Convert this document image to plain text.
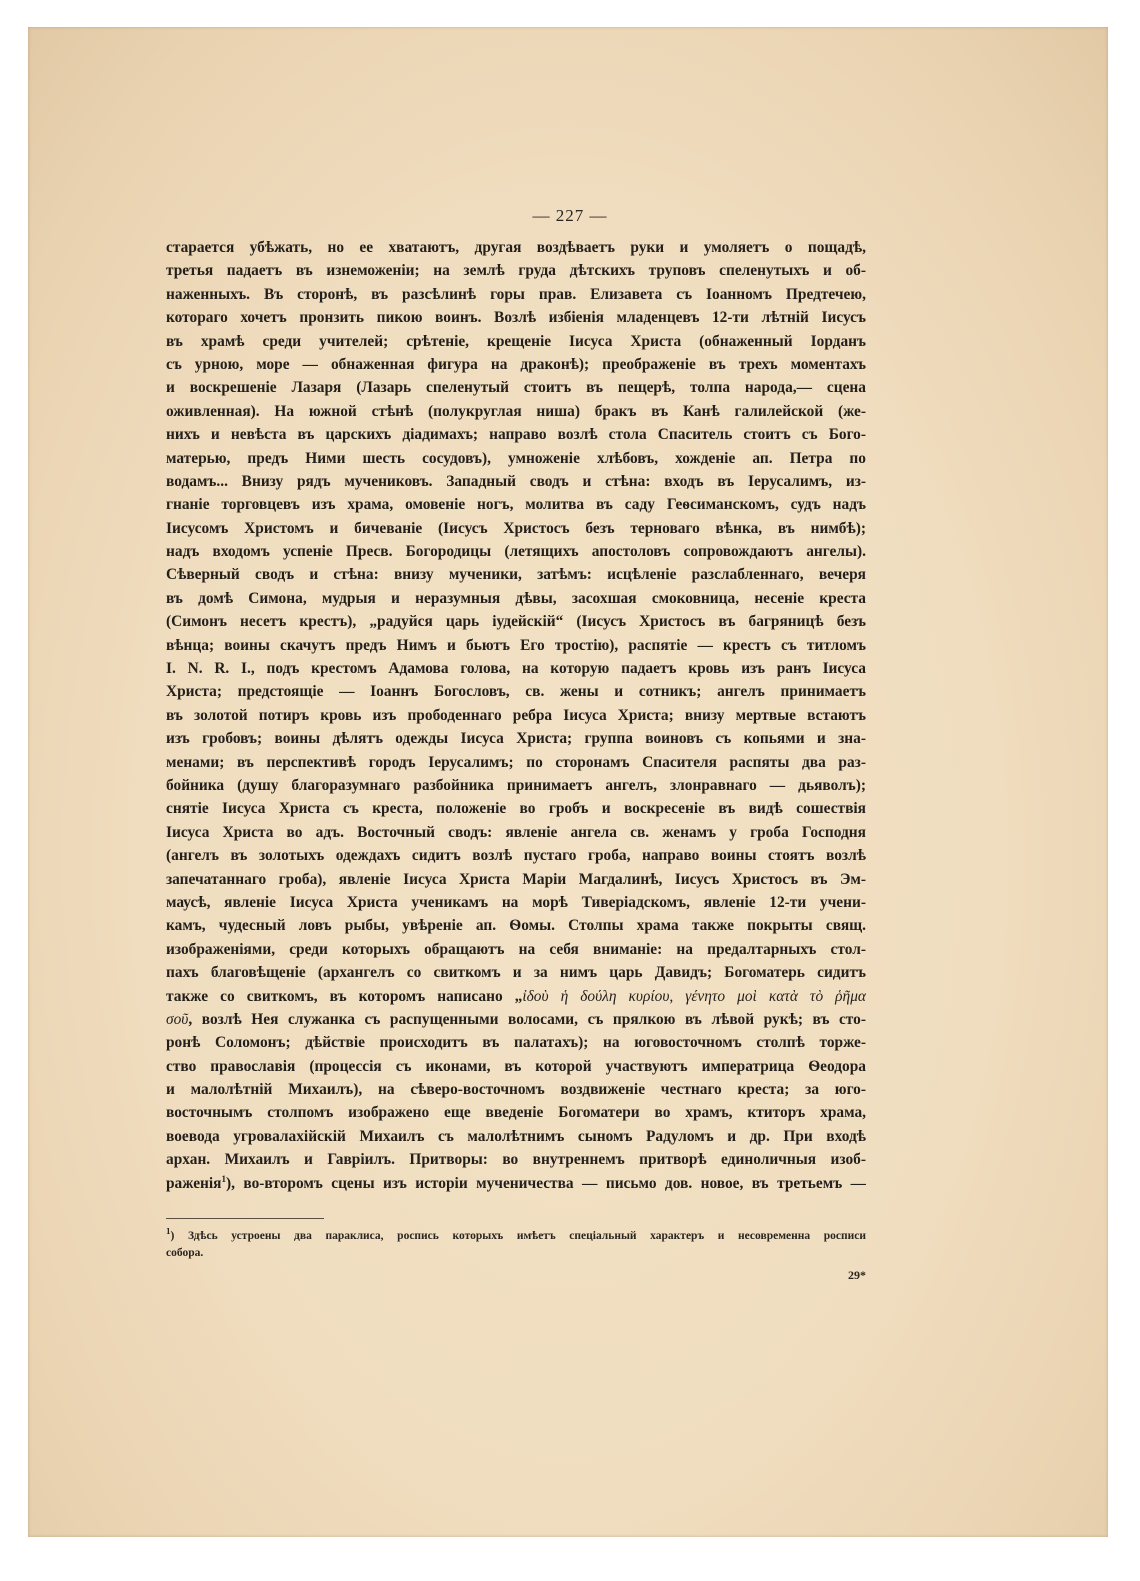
— 227 —
старается убѣжать, но ее хватаютъ, другая воздѣваетъ руки и умоляетъ о пощадѣ,
третья падаетъ въ изнеможеніи; на землѣ груда дѣтскихъ труповъ спеленутыхъ и об-
наженныхъ. Въ сторонѣ, въ разсѣлинѣ горы прав. Елизавета съ Іоанномъ Предтечею,
котораго хочетъ пронзить пикою воинъ. Возлѣ избіенія младенцевъ 12-ти лѣтній Іисусъ
въ храмѣ среди учителей; срѣтеніе, крещеніе Іисуса Христа (обнаженный Іорданъ
съ урною, море — обнаженная фигура на драконѣ); преображеніе въ трехъ моментахъ
и воскрешеніе Лазаря (Лазарь спеленутый стоитъ въ пещерѣ, толпа народа,— сцена
оживленная). На южной стѣнѣ (полукруглая ниша) бракъ въ Канѣ галилейской (же-
нихъ и невѣста въ царскихъ діадимахъ; направо возлѣ стола Спаситель стоитъ съ Бого-
матерью, предъ Ними шесть сосудовъ), умноженіе хлѣбовъ, хожденіе ап. Петра по
водамъ... Внизу рядъ мучениковъ. Западный сводъ и стѣна: входъ въ Іерусалимъ, из-
гнаніе торговцевъ изъ храма, омовеніе ногъ, молитва въ саду Геѳсиманскомъ, судъ надъ
Іисусомъ Христомъ и бичеваніе (Іисусъ Христосъ безъ терноваго вѣнка, въ нимбѣ);
надъ входомъ успеніе Пресв. Богородицы (летящихъ апостоловъ сопровождаютъ ангелы).
Сѣверный сводъ и стѣна: внизу мученики, затѣмъ: исцѣленіе разслабленнаго, вечеря
въ домѣ Симона, мудрыя и неразумныя дѣвы, засохшая смоковница, несеніе креста
(Симонъ несетъ крестъ), „радуйся царь іудейскій“ (Іисусъ Христосъ въ багряницѣ безъ
вѣнца; воины скачутъ предъ Нимъ и бьютъ Его тростію), распятіе — крестъ съ титломъ
I. N. R. I., подъ крестомъ Адамова голова, на которую падаетъ кровь изъ ранъ Іисуса
Христа; предстоящіе — Іоаннъ Богословъ, св. жены и сотникъ; ангелъ принимаетъ
въ золотой потиръ кровь изъ прободеннаго ребра Іисуса Христа; внизу мертвые встаютъ
изъ гробовъ; воины дѣлятъ одежды Іисуса Христа; группа воиновъ съ копьями и зна-
менами; въ перспективѣ городъ Іерусалимъ; по сторонамъ Спасителя распяты два раз-
бойника (душу благоразумнаго разбойника принимаетъ ангелъ, злонравнаго — дьяволъ);
снятіе Іисуса Христа съ креста, положеніе во гробъ и воскресеніе въ видѣ сошествія
Іисуса Христа во адъ. Восточный сводъ: явленіе ангела св. женамъ у гроба Господня
(ангелъ въ золотыхъ одеждахъ сидитъ возлѣ пустаго гроба, направо воины стоятъ возлѣ
запечатаннаго гроба), явленіе Іисуса Христа Маріи Магдалинѣ, Іисусъ Христосъ въ Эм-
маусѣ, явленіе Іисуса Христа ученикамъ на морѣ Тиверіадскомъ, явленіе 12-ти учени-
камъ, чудесный ловъ рыбы, увѣреніе ап. Ѳомы. Столпы храма также покрыты свящ.
изображеніями, среди которыхъ обращаютъ на себя вниманіе: на предалтарныхъ стол-
пахъ благовѣщеніе (архангелъ со свиткомъ и за нимъ царь Давидъ; Богоматерь сидитъ
также со свиткомъ, въ которомъ написано „ἰδοὺ ἡ δούλη κυρίου, γένητο μοὶ κατὰ τὸ ῥῆμα
σοῦ, возлѣ Нея служанка съ распущенными волосами, съ прялкою въ лѣвой рукѣ; въ сто-
ронѣ Соломонъ; дѣйствіе происходитъ въ палатахъ); на юговосточномъ столпѣ торже-
ство православія (процессія съ иконами, въ которой участвуютъ императрица Ѳеодора
и малолѣтній Михаилъ), на сѣверо-восточномъ воздвиженіе честнаго креста; за юго-
восточнымъ столпомъ изображено еще введеніе Богоматери во храмъ, ктиторъ храма,
воевода угровалахійскій Михаилъ съ малолѣтнимъ сыномъ Радуломъ и др. При входѣ
архан. Михаилъ и Гавріилъ. Притворы: во внутреннемъ притворѣ единоличныя изоб-
раженія$^1$), во-второмъ сцены изъ исторіи мученичества — письмо дов. новое, въ третьемъ —
$^1$) Здѣсь устроены два параклиса, роспись которыхъ имѣетъ спеціальный характеръ и несовременна росписи
собора.
29*
